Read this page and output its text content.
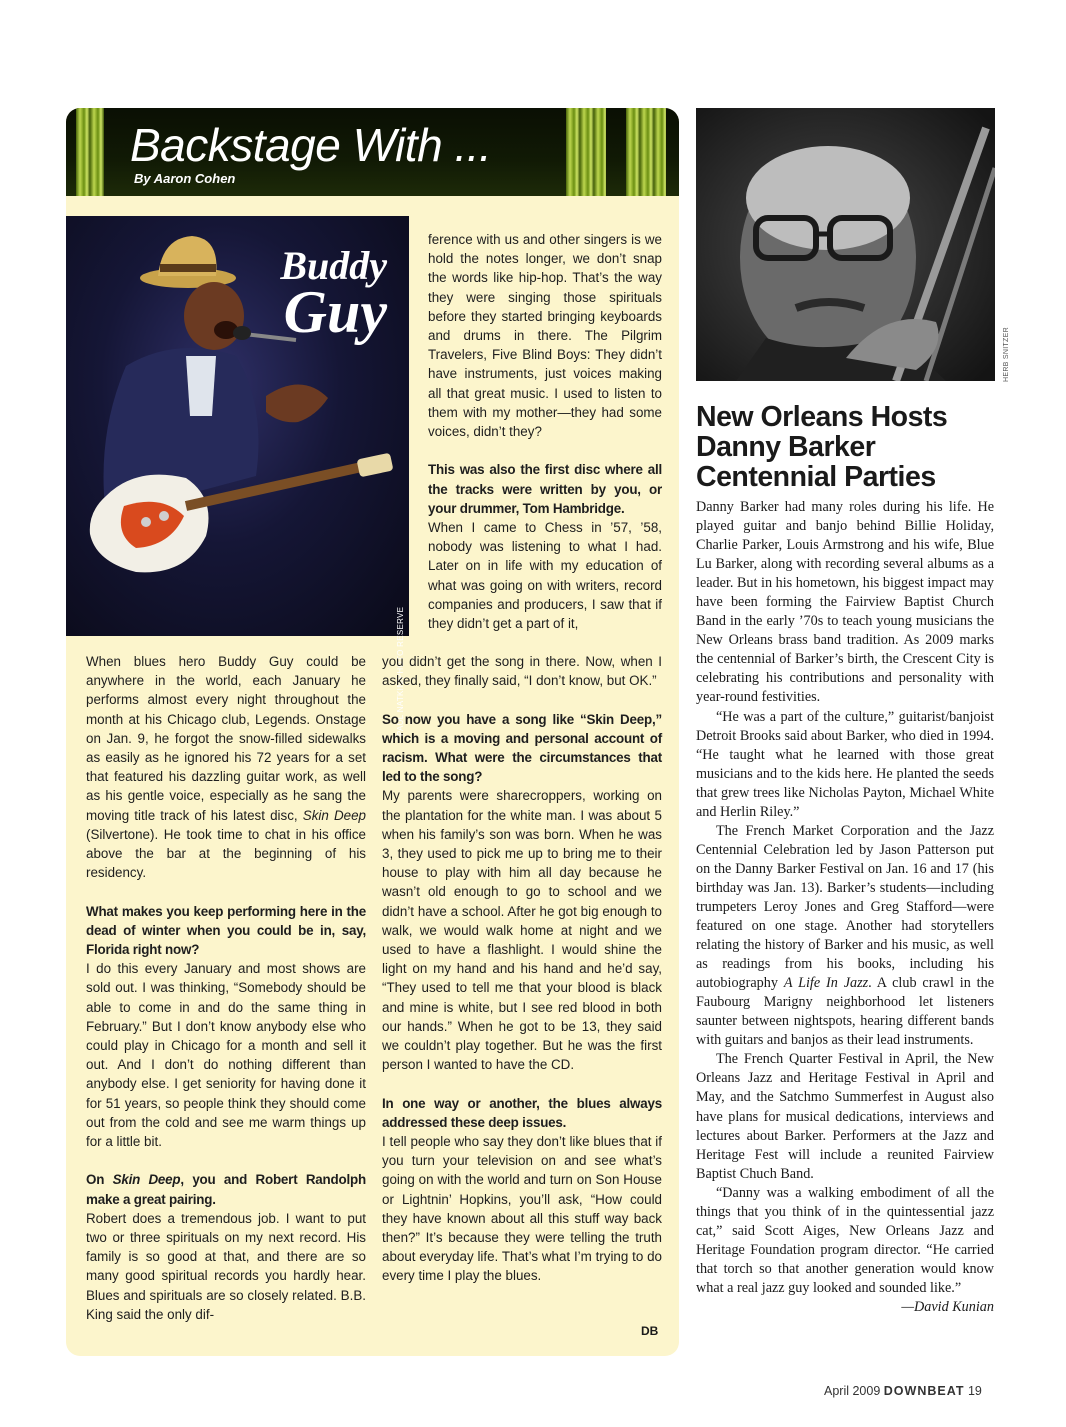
Backstage With ...
By Aaron Cohen
Buddy
Guy
PAUL NATKIN/PHOTO RESERVE

When blues hero Buddy Guy could be anywhere in the world, each January he performs almost every night throughout the month at his Chicago club, Legends. Onstage on Jan. 9, he forgot the snow-filled sidewalks as easily as he ignored his 72 years for a set that featured his dazzling guitar work, as well as his gentle voice, especially as he sang the moving title track of his latest disc, Skin Deep (Silvertone). He took time to chat in his office above the bar at the beginning of his residency.

What makes you keep performing here in the dead of winter when you could be in, say, Florida right now?

I do this every January and most shows are sold out. I was thinking, “Somebody should be able to come in and do the same thing in February.” But I don’t know anybody else who could play in Chicago for a month and sell it out. And I don’t do nothing different than anybody else. I get seniority for having done it for 51 years, so people think they should come out from the cold and see me warm things up for a little bit.

On Skin Deep, you and Robert Randolph make a great pairing.

Robert does a tremendous job. I want to put two or three spirituals on my next record. His family is so good at that, and there are so many good spiritual records you hardly hear. Blues and spirituals are so closely related. B.B. King said the only dif-

ference with us and other singers is we hold the notes longer, we don’t snap the words like hip-hop. That’s the way they were singing those spirituals before they started bringing keyboards and drums in there. The Pilgrim Travelers, Five Blind Boys: They didn’t have instruments, just voices making all that great music. I used to listen to them with my mother—they had some voices, didn’t they?

This was also the first disc where all the tracks were written by you, or your drummer, Tom Hambridge.

When I came to Chess in ’57, ’58, nobody was listening to what I had. Later on in life with my education of what was going on with writers, record companies and producers, I saw that if they didn’t get a part of it,

you didn’t get the song in there. Now, when I asked, they finally said, “I don’t know, but OK.”

So now you have a song like “Skin Deep,” which is a moving and personal account of racism. What were the circumstances that led to the song?

My parents were sharecroppers, working on the plantation for the white man. I was about 5 when his family’s son was born. When he was 3, they used to pick me up to bring me to their house to play with him all day because he wasn’t old enough to go to school and we didn’t have a school. After he got big enough to walk, we would walk home at night and we used to have a flashlight. I would shine the light on my hand and his hand and he’d say, “They used to tell me that your blood is black and mine is white, but I see red blood in both our hands.” When he got to be 13, they said we couldn’t play together. But he was the first person I wanted to have the CD.

In one way or another, the blues always addressed these deep issues.

I tell people who say they don’t like blues that if you turn your television on and see what’s going on with the world and turn on Son House or Lightnin’ Hopkins, you’ll ask, “How could they have known about all this stuff way back then?” It’s because they were telling the truth about everyday life. That’s what I’m trying to do every time I play the blues.

DB
HERB SNITZER
New Orleans Hosts Danny Barker Centennial Parties

Danny Barker had many roles during his life. He played guitar and banjo behind Billie Holiday, Charlie Parker, Louis Armstrong and his wife, Blue Lu Barker, along with recording several albums as a leader. But in his hometown, his biggest impact may have been forming the Fairview Baptist Church Band in the early ’70s to teach young musicians the New Orleans brass band tradition. As 2009 marks the centennial of Barker’s birth, the Crescent City is celebrating his contributions and personality with year-round festivities.

“He was a part of the culture,” guitarist/banjoist Detroit Brooks said about Barker, who died in 1994. “He taught what he learned with those great musicians and to the kids here. He planted the seeds that grew trees like Nicholas Payton, Michael White and Herlin Riley.”

The French Market Corporation and the Jazz Centennial Celebration led by Jason Patterson put on the Danny Barker Festival on Jan. 16 and 17 (his birthday was Jan. 13). Barker’s students—including trumpeters Leroy Jones and Greg Stafford—were featured on one stage. Another had storytellers relating the history of Barker and his music, as well as readings from his books, including his autobiography A Life In Jazz. A club crawl in the Faubourg Marigny neighborhood let listeners saunter between nightspots, hearing different bands with guitars and banjos as their lead instruments.

The French Quarter Festival in April, the New Orleans Jazz and Heritage Festival in April and May, and the Satchmo Summerfest in August also have plans for musical dedications, interviews and lectures about Barker. Performers at the Jazz and Heritage Fest will include a reunited Fairview Baptist Chuch Band.

“Danny was a walking embodiment of all the things that you think of in the quintessential jazz cat,” said Scott Aiges, New Orleans Jazz and Heritage Foundation program director. “He carried that torch so that another generation would know what a real jazz guy looked and sounded like.”
—David Kunian

April 2009 DOWNBEAT 19
